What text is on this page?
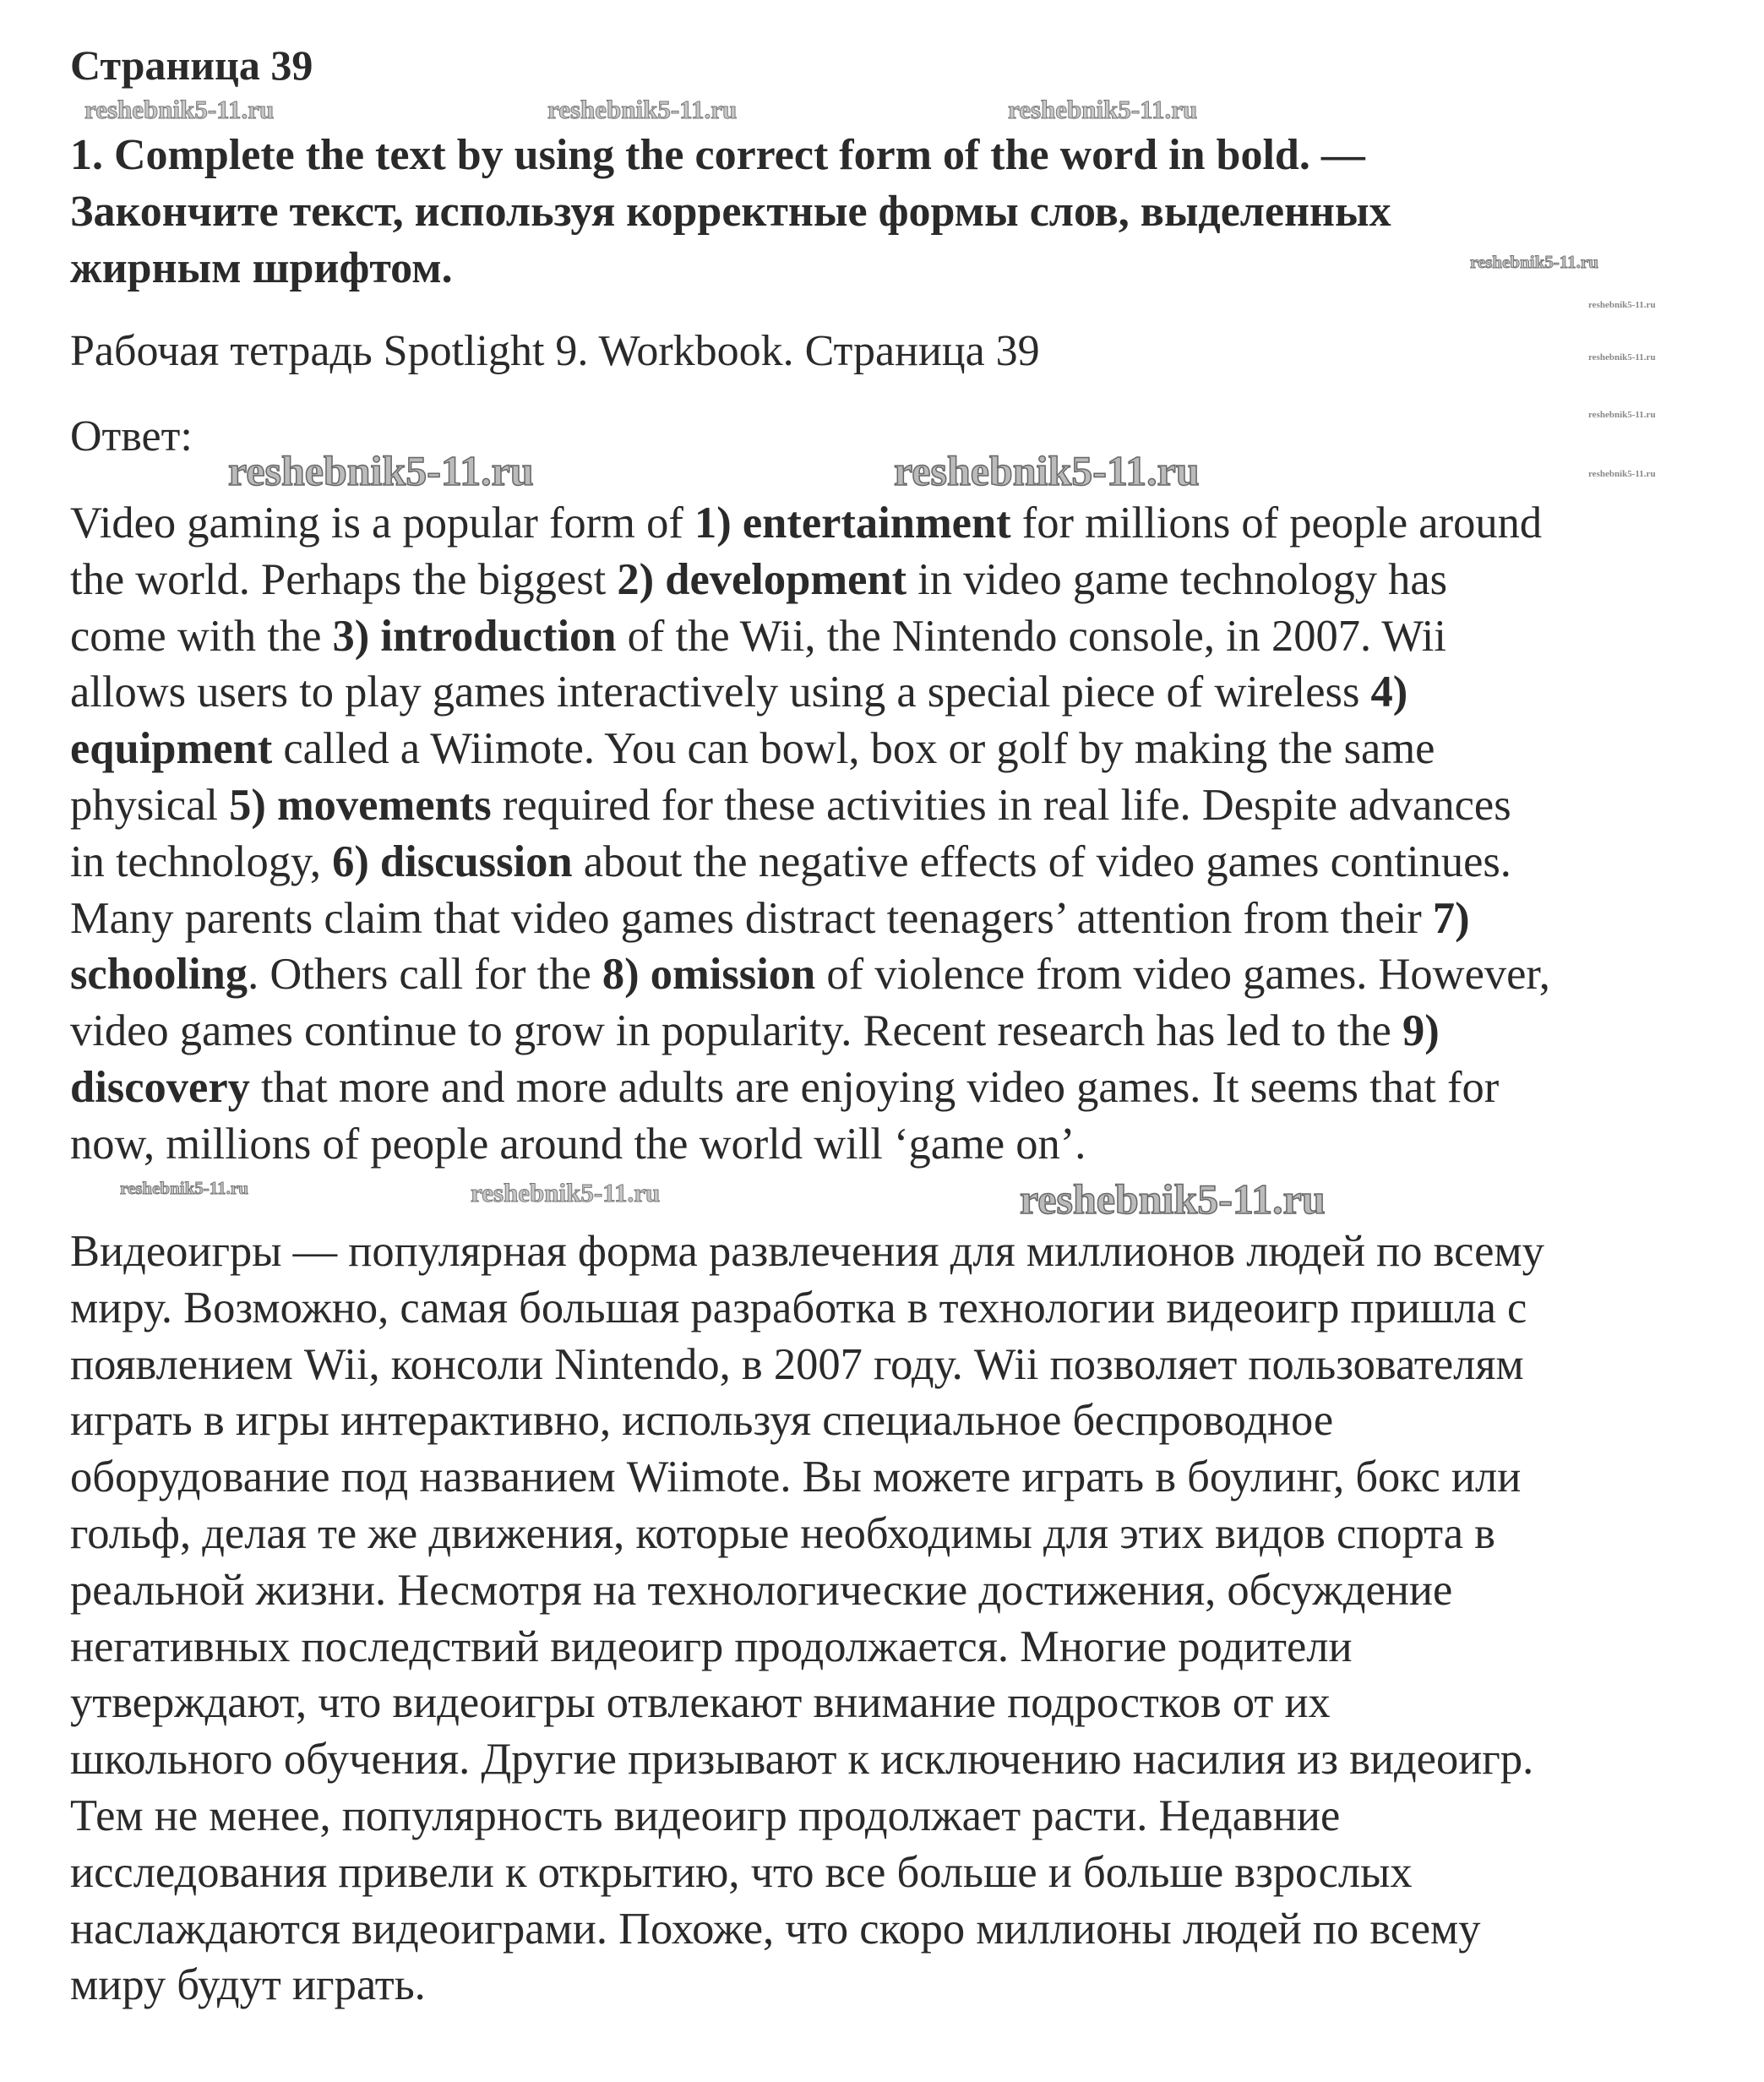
Страница 39
1. Complete the text by using the correct form of the word in bold. —
Закончите текст, используя корректные формы слов, выделенных
жирным шрифтом.
Рабочая тетрадь Spotlight 9. Workbook. Страница 39
Ответ:
Video gaming is a popular form of 1) entertainment for millions of people around
the world. Perhaps the biggest 2) development in video game technology has
come with the 3) introduction of the Wii, the Nintendo console, in 2007. Wii
allows users to play games interactively using a special piece of wireless 4)
equipment called a Wiimote. You can bowl, box or golf by making the same
physical 5) movements required for these activities in real life. Despite advances
in technology, 6) discussion about the negative effects of video games continues.
Many parents claim that video games distract teenagers’ attention from their 7)
schooling. Others call for the 8) omission of violence from video games. However,
video games continue to grow in popularity. Recent research has led to the 9)
discovery that more and more adults are enjoying video games. It seems that for
now, millions of people around the world will ‘game on’.
Видеоигры — популярная форма развлечения для миллионов людей по всему
миру. Возможно, самая большая разработка в технологии видеоигр пришла с
появлением Wii, консоли Nintendo, в 2007 году. Wii позволяет пользователям
играть в игры интерактивно, используя специальное беспроводное
оборудование под названием Wiimote. Вы можете играть в боулинг, бокс или
гольф, делая те же движения, которые необходимы для этих видов спорта в
реальной жизни. Несмотря на технологические достижения, обсуждение
негативных последствий видеоигр продолжается. Многие родители
утверждают, что видеоигры отвлекают внимание подростков от их
школьного обучения. Другие призывают к исключению насилия из видеоигр.
Тем не менее, популярность видеоигр продолжает расти. Недавние
исследования привели к открытию, что все больше и больше взрослых
наслаждаются видеоиграми. Похоже, что скоро миллионы людей по всему
миру будут играть.
reshebnik5-11.ru	reshebnik5-11.ru	reshebnik5-11.ru
reshebnik5-11.ru
reshebnik5-11.ru
reshebnik5-11.ru
reshebnik5-11.ru
reshebnik5-11.ru
reshebnik5-11.ru	reshebnik5-11.ru
reshebnik5-11.ru	reshebnik5-11.ru	reshebnik5-11.ru
